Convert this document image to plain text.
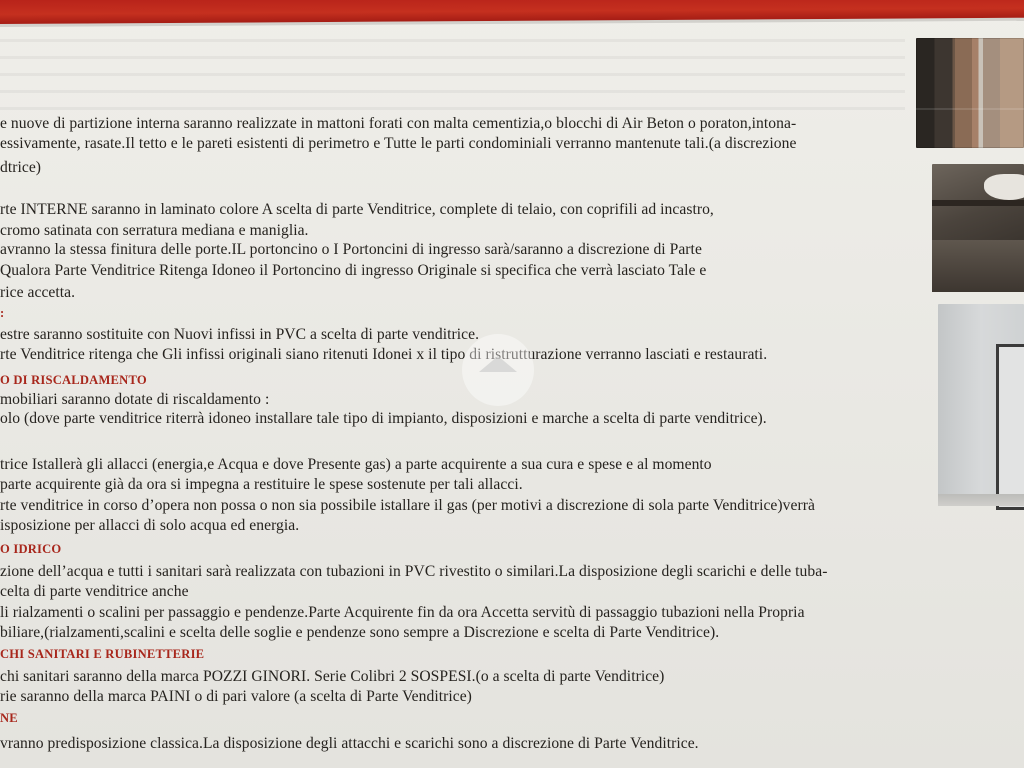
e nuove di partizione interna saranno realizzate in mattoni forati con malta cementizia,o blocchi di Air Beton o poraton,intona-
essivamente, rasate.Il tetto e le pareti esistenti di perimetro e Tutte le parti condominiali verranno mantenute tali.(a discrezione
dtrice)
rte INTERNE saranno in laminato colore A scelta di parte Venditrice, complete di telaio, con coprifili ad incastro,
cromo satinata con serratura mediana e maniglia.
avranno la stessa finitura delle porte.IL portoncino o I Portoncini di ingresso sarà/saranno a discrezione di Parte
Qualora Parte Venditrice Ritenga Idoneo il Portoncino di ingresso Originale si specifica che verrà lasciato Tale e
rice accetta.
:
estre saranno sostituite con Nuovi infissi in PVC a scelta di parte venditrice.
rte Venditrice ritenga che Gli infissi originali siano ritenuti Idonei x il tipo di ristrutturazione verranno lasciati e restaurati.
O DI RISCALDAMENTO
mobiliari saranno dotate di riscaldamento :
olo (dove parte venditrice riterrà idoneo installare tale tipo di impianto, disposizioni e marche a scelta di parte venditrice).
trice Istallerà gli allacci (energia,e Acqua e dove Presente gas) a parte acquirente a sua cura e spese e al momento
parte acquirente già da ora si impegna a restituire le spese sostenute per tali allacci.
rte venditrice in corso d’opera non possa o non sia possibile istallare il gas (per motivi a discrezione di sola parte Venditrice)verrà
isposizione per allacci di solo acqua ed energia.
O IDRICO
zione dell’acqua e tutti i sanitari sarà realizzata con tubazioni in PVC rivestito o similari.La disposizione degli scarichi e delle tuba-
celta di parte venditrice anche
li rialzamenti o scalini per passaggio e pendenze.Parte Acquirente fin da ora Accetta servitù di passaggio tubazioni nella Propria
biliare,(rialzamenti,scalini e scelta delle soglie e pendenze sono sempre a Discrezione e scelta di Parte Venditrice).
CHI SANITARI E RUBINETTERIE
chi sanitari saranno della marca POZZI GINORI. Serie Colibri 2 SOSPESI.(o a scelta di parte Venditrice)
rie saranno della marca PAINI o di pari valore (a scelta di Parte Venditrice)
NE
vranno predisposizione classica.La disposizione degli attacchi e scarichi sono a discrezione di Parte Venditrice.
